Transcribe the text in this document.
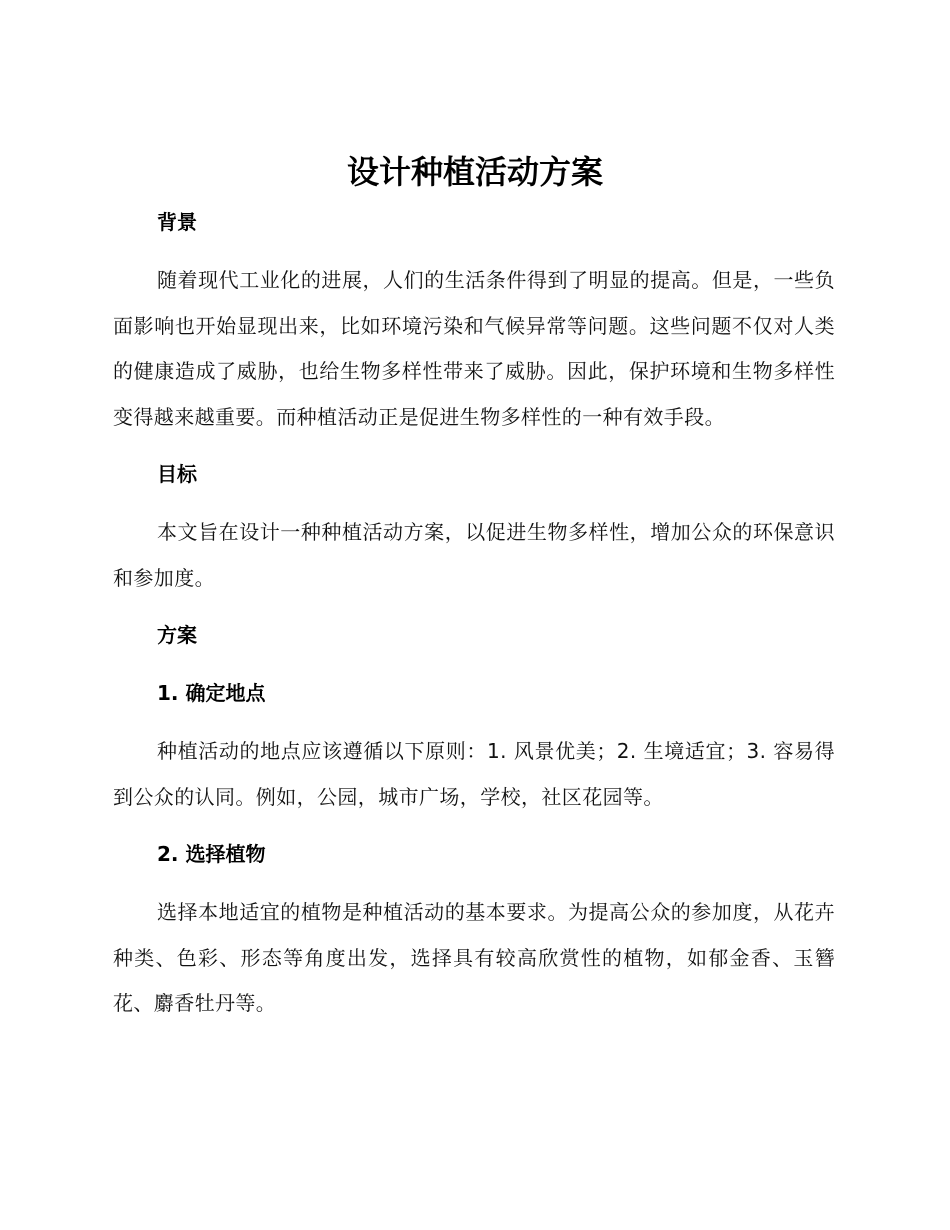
设计种植活动方案
背景

随着现代工业化的进展，人们的生活条件得到了明显的提高。但是，一些负面影响也开始显现出来，比如环境污染和气候异常等问题。这些问题不仅对人类的健康造成了威胁，也给生物多样性带来了威胁。因此，保护环境和生物多样性变得越来越重要。而种植活动正是促进生物多样性的一种有效手段。

目标

本文旨在设计一种种植活动方案，以促进生物多样性，增加公众的环保意识和参加度。

方案
1. 确定地点

种植活动的地点应该遵循以下原则：1. 风景优美；2. 生境适宜；3. 容易得到公众的认同。例如，公园，城市广场，学校，社区花园等。

2. 选择植物

选择本地适宜的植物是种植活动的基本要求。为提高公众的参加度，从花卉种类、色彩、形态等角度出发，选择具有较高欣赏性的植物，如郁金香、玉簪花、麝香牡丹等。
